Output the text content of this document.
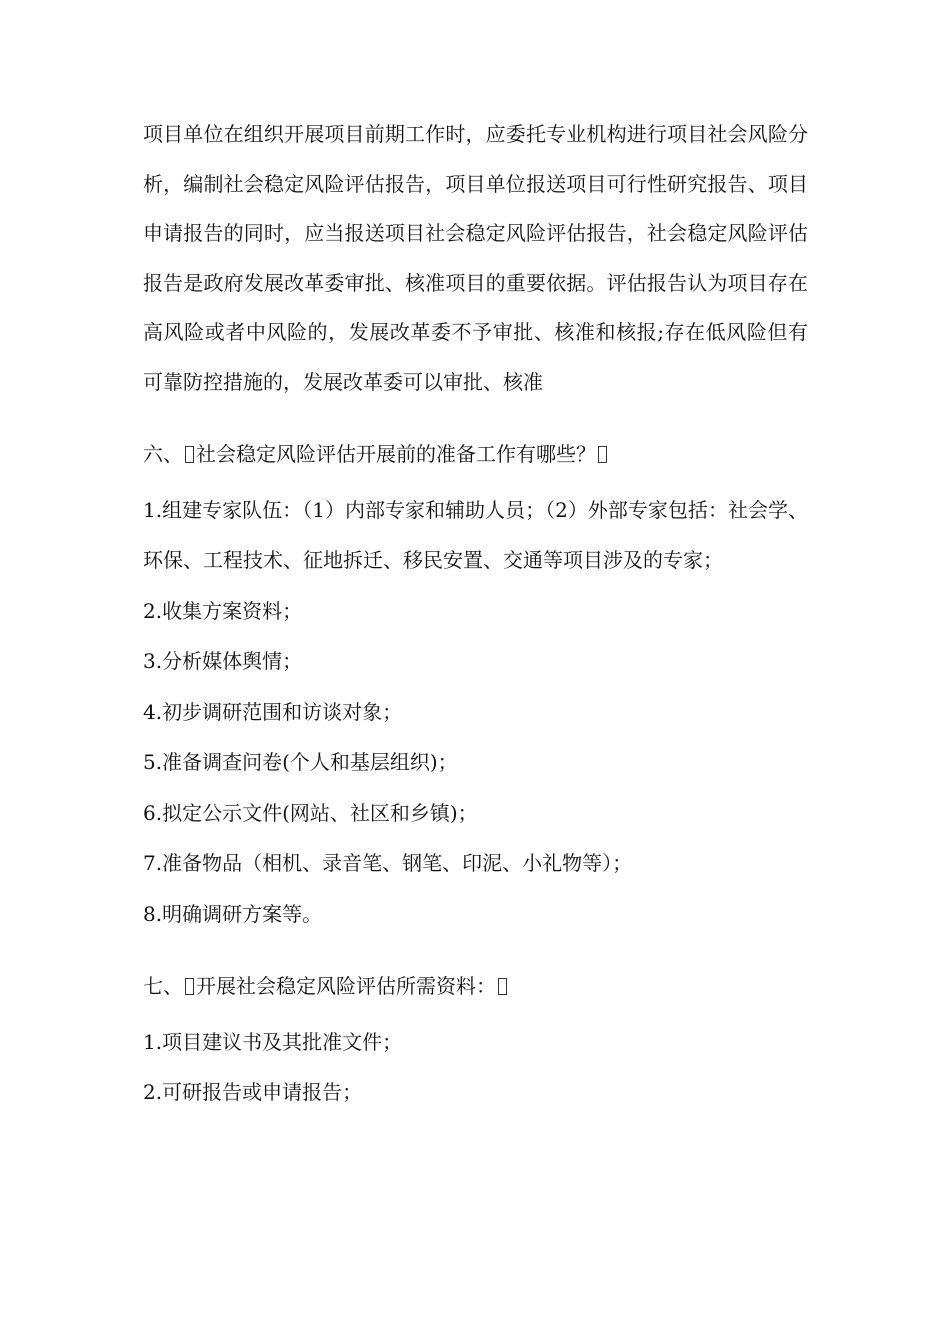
项目单位在组织开展项目前期工作时，应委托专业机构进行项目社会风险分析，编制社会稳定风险评估报告，项目单位报送项目可行性研究报告、项目申请报告的同时，应当报送项目社会稳定风险评估报告，社会稳定风险评估报告是政府发展改革委审批、核准项目的重要依据。评估报告认为项目存在高风险或者中风险的，发展改革委不予审批、核准和核报;存在低风险但有可靠防控措施的，发展改革委可以审批、核准

六、 社会稳定风险评估开展前的准备工作有哪些？

1.组建专家队伍：（1）内部专家和辅助人员；（2）外部专家包括：社会学、环保、工程技术、征地拆迁、移民安置、交通等项目涉及的专家；
2.收集方案资料；
3.分析媒体舆情；
4.初步调研范围和访谈对象；
5.准备调查问卷(个人和基层组织)；
6.拟定公示文件(网站、社区和乡镇)；
7.准备物品（相机、录音笔、钢笔、印泥、小礼物等）；
8.明确调研方案等。

七、 开展社会稳定风险评估所需资料：

1.项目建议书及其批准文件；
2.可研报告或申请报告；
